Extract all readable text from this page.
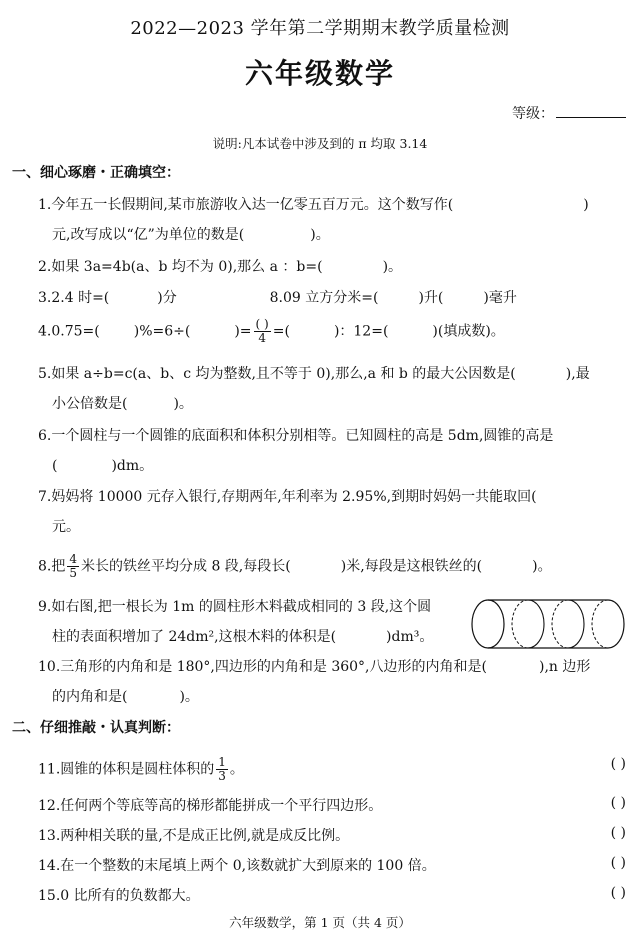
2022—2023 学年第二学期期末教学质量检测
六年级数学
等级：
说明:凡本试卷中涉及到的 π 均取 3.14
一、细心琢磨・正确填空：
1.今年五一长假期间,某市旅游收入达一亿零五百万元。这个数写作(	)
元,改写成以“亿”为单位的数是(	)。
2.如果 3a=4b(a、b 均不为 0),那么 a ：b=(	)。
3.2.4 时=(	)分	8.09 立方分米=(	)升(	)毫升
4.0.75=( )%=6÷(	)= $\frac{( )}{4}$ =(	)：12=(	)(填成数)。
5.如果 a÷b=c(a、b、c 均为整数,且不等于 0),那么,a 和 b 的最大公因数是(	),最
小公倍数是(	)。
6.一个圆柱与一个圆锥的底面积和体积分别相等。已知圆柱的高是 5dm,圆锥的高是
(	)dm。
7.妈妈将 10000 元存入银行,存期两年,年利率为 2.95%,到期时妈妈一共能取回(
元。
8.把 $\frac{4}{5}$ 米长的铁丝平均分成 8 段,每段长(	)米,每段是这根铁丝的(	)。
9.如右图,把一根长为 1m 的圆柱形木料截成相同的 3 段,这个圆
柱的表面积增加了 24dm²,这根木料的体积是(	)dm³。
10.三角形的内角和是 180°,四边形的内角和是 360°,八边形的内角和是(	),n 边形
的内角和是(	)。
二、仔细推敲・认真判断：
11.圆锥的体积是圆柱体积的 $\frac{1}{3}$ 。	( )
12.任何两个等底等高的梯形都能拼成一个平行四边形。	( )
13.两种相关联的量,不是成正比例,就是成反比例。	( )
14.在一个整数的末尾填上两个 0,该数就扩大到原来的 100 倍。	( )
15.0 比所有的负数都大。	( )
六年级数学，第 1 页（共 4 页）
